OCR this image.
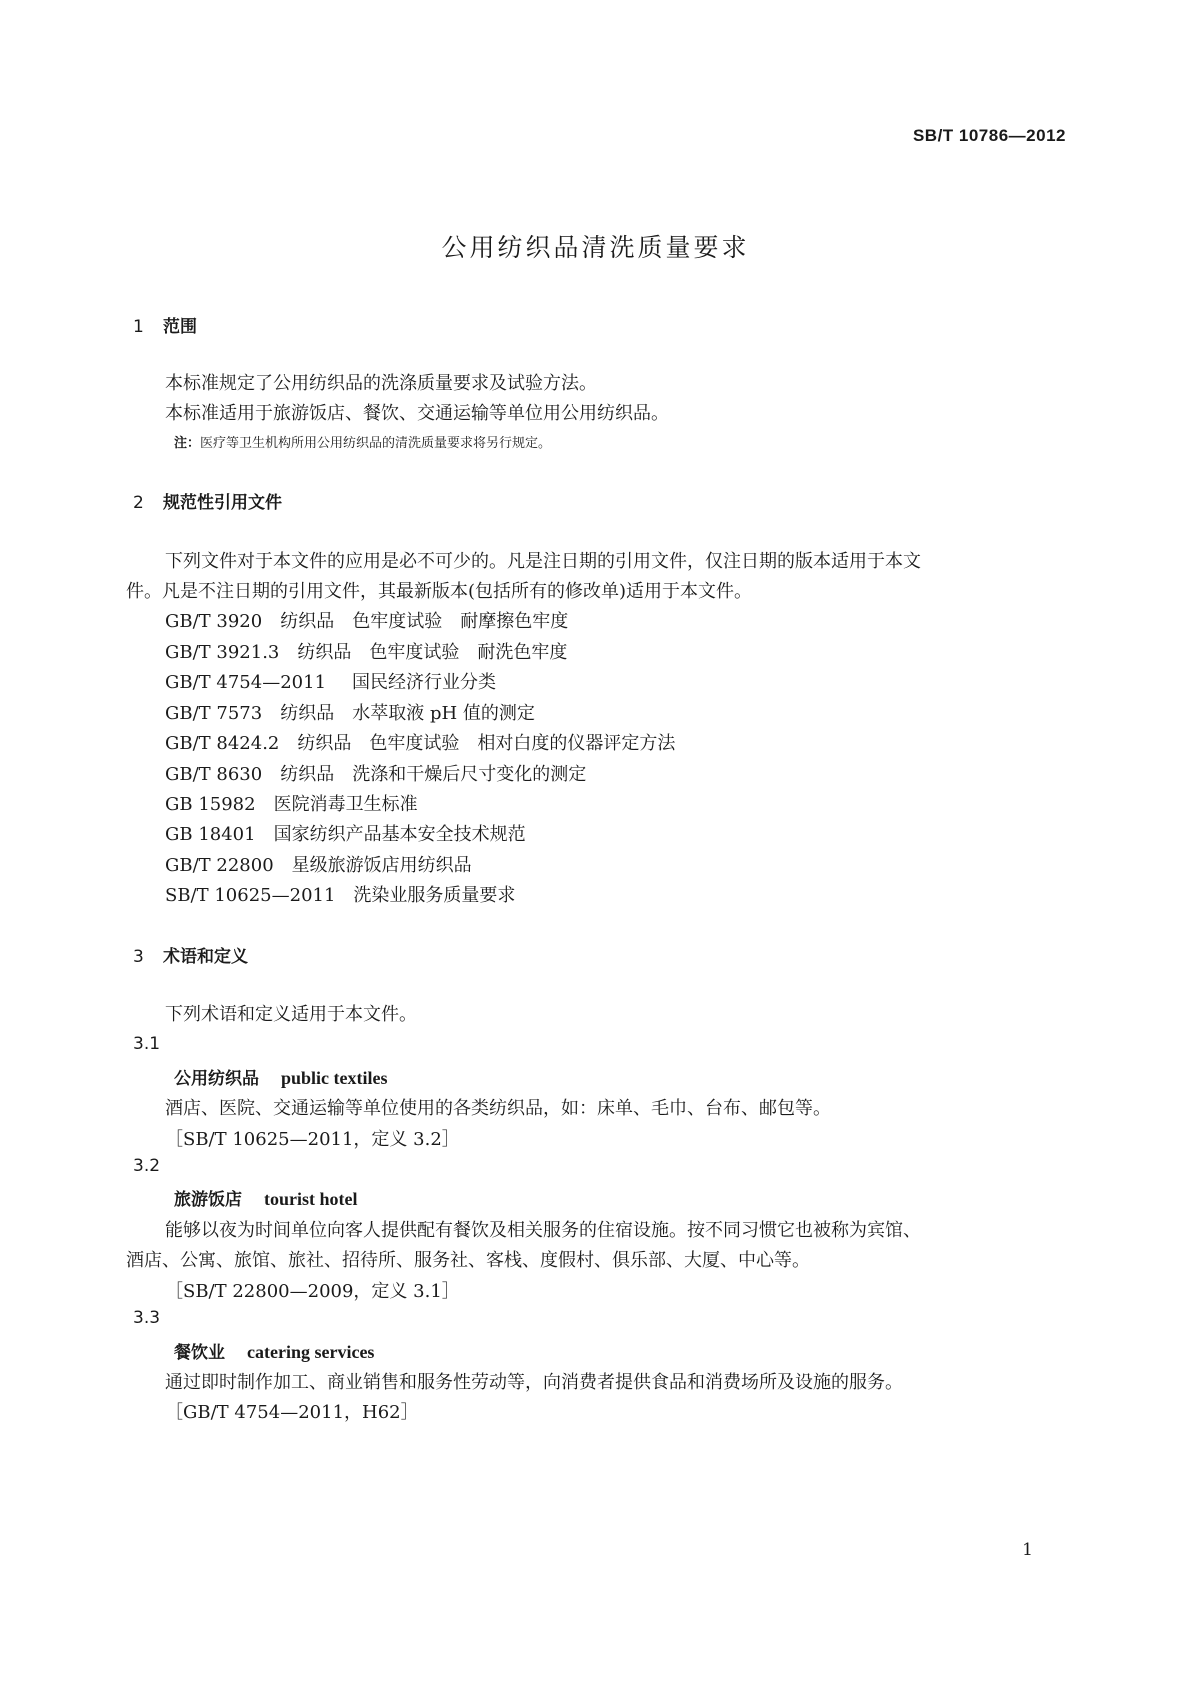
SB/T 10786—2012
公用纺织品清洗质量要求
1 范围
本标准规定了公用纺织品的洗涤质量要求及试验方法。
本标准适用于旅游饭店、餐饮、交通运输等单位用公用纺织品。
注：医疗等卫生机构所用公用纺织品的清洗质量要求将另行规定。
2 规范性引用文件
下列文件对于本文件的应用是必不可少的。凡是注日期的引用文件，仅注日期的版本适用于本文
件。凡是不注日期的引用文件，其最新版本(包括所有的修改单)适用于本文件。
GB/T 3920 纺织品　色牢度试验　耐摩擦色牢度
GB/T 3921.3 纺织品　色牢度试验　耐洗色牢度
GB/T 4754—2011 国民经济行业分类
GB/T 7573 纺织品　水萃取液 pH 值的测定
GB/T 8424.2 纺织品　色牢度试验　相对白度的仪器评定方法
GB/T 8630 纺织品　洗涤和干燥后尺寸变化的测定
GB 15982 医院消毒卫生标准
GB 18401 国家纺织产品基本安全技术规范
GB/T 22800 星级旅游饭店用纺织品
SB/T 10625—2011 洗染业服务质量要求
3 术语和定义
下列术语和定义适用于本文件。
3.1
公用纺织品 public textiles
酒店、医院、交通运输等单位使用的各类纺织品，如：床单、毛巾、台布、邮包等。
［SB/T 10625—2011，定义 3.2］
3.2
旅游饭店 tourist hotel
能够以夜为时间单位向客人提供配有餐饮及相关服务的住宿设施。按不同习惯它也被称为宾馆、
酒店、公寓、旅馆、旅社、招待所、服务社、客栈、度假村、俱乐部、大厦、中心等。
［SB/T 22800—2009，定义 3.1］
3.3
餐饮业 catering services
通过即时制作加工、商业销售和服务性劳动等，向消费者提供食品和消费场所及设施的服务。
［GB/T 4754—2011，H62］
1
